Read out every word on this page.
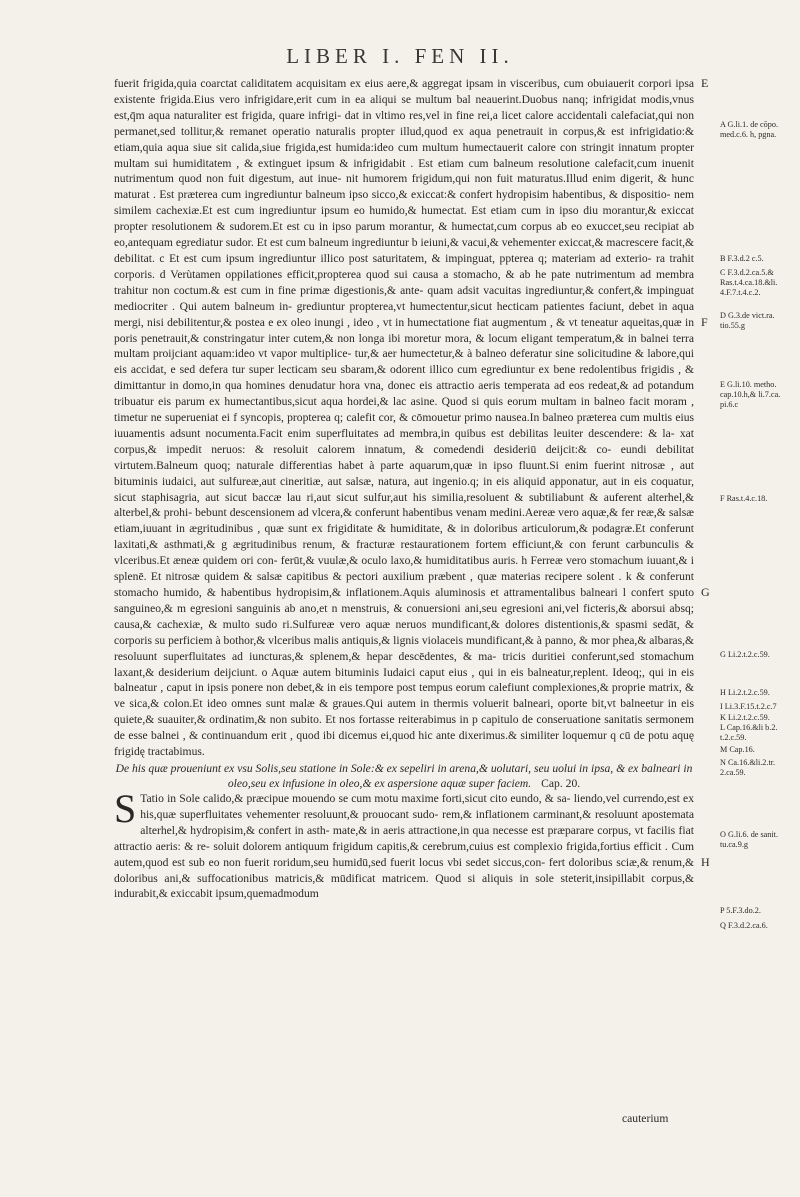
LIBER I. FEN II.

fuerit frigida,quia coarctat caliditatem acquisitam ex eius aere,& aggregat ipsam in visceribus, cum obuiauerit corpori ipsa existente frigida.Eius vero infrigidare,erit cum in ea aliqui se multum bal neauerint.Duobus nanq; infrigidat modis,vnus est,q̄m aqua naturaliter est frigida, quare infrigi- dat in vltimo res,vel in fine rei,a licet calore accidentali calefaciat,qui non permanet,sed tollitur,& remanet operatio naturalis propter illud,quod ex aqua penetrauit in corpus,& est infrigidatio:& etiam,quia aqua siue sit calida,siue frigida,est humida:ideo cum multum humectauerit calore con stringit innatum propter multam sui humiditatem , & extinguet ipsum & infrigidabit . Est etiam cum balneum resolutione calefacit,cum inuenit nutrimentum quod non fuit digestum, aut inue- nit humorem frigidum,qui non fuit maturatus.Illud enim digerit, & hunc maturat . Est præterea cum ingrediuntur balneum ipso sicco,& exiccat:& confert hydropisim habentibus, & dispositio- nem similem cachexiæ.Et est cum ingrediuntur ipsum eo humido,& humectat. Est etiam cum in ipso diu morantur,& exiccat propter resolutionem & sudorem.Et est cu in ipso parum morantur, & humectat,cum corpus ab eo exuccet,seu recipiat ab eo,antequam egrediatur sudor. Et est cum balneum ingrediuntur b ieiuni,& vacui,& vehementer exiccat,& macrescere facit,& debilitat. c Et est cum ipsum ingrediuntur illico post saturitatem, & impinguat, ppterea q; materiam ad exterio- ra trahit corporis. d Verùtamen oppilationes efficit,propterea quod sui causa a stomacho, & ab he pate nutrimentum ad membra trahitur non coctum.& est cum in fine primæ digestionis,& ante- quam adsit vacuitas ingrediuntur,& confert,& impinguat mediocriter . Qui autem balneum in- grediuntur propterea,vt humectentur,sicut hecticam patientes faciunt, debet in aqua mergi, nisi debilitentur,& postea e ex oleo inungi , ideo , vt in humectatione fiat augmentum , & vt teneatur aqueitas,quæ in poris penetrauit,& constringatur inter cutem,& non longa ibi moretur mora, & locum eligant temperatum,& in balnei terra multam proijciant aquam:ideo vt vapor multiplice- tur,& aer humectetur,& à balneo deferatur sine solicitudine & labore,qui eis accidat, e sed defera tur super lecticam seu sbaram,& odorent illico cum egrediuntur ex bene redolentibus frigidis , & dimittantur in domo,in qua homines denudatur hora vna, donec eis attractio aeris temperata ad eos redeat,& ad potandum tribuatur eis parum ex humectantibus,sicut aqua hordei,& lac asine. Quod si quis eorum multam in balneo facit moram , timetur ne superueniat ei f syncopis, propterea q; calefit cor, & cōmouetur primo nausea.In balneo præterea cum multis eius iuuamentis adsunt nocumenta.Facit enim superfluitates ad membra,in quibus est debilitas leuiter descendere: & la- xat corpus,& impedit neruos: & resoluit calorem innatum, & comedendi desideriū deijcit:& co- eundi debilitat virtutem.Balneum quoq; naturale differentias habet à parte aquarum,quæ in ipso fluunt.Si enim fuerint nitrosæ , aut bituminis iudaici, aut sulfureæ,aut cineritiæ, aut salsæ, natura, aut ingenio.q; in eis aliquid apponatur, aut in eis coquatur, sicut staphisagria, aut sicut baccæ lau ri,aut sicut sulfur,aut his similia,resoluent & subtiliabunt & auferent alterhel,& alterbel,& prohi- bebunt descensionem ad vlcera,& conferunt habentibus venam medini.Aereæ vero aquæ,& fer reæ,& salsæ etiam,iuuant in ægritudinibus , quæ sunt ex frigiditate & humiditate, & in doloribus articulorum,& podagræ.Et conferunt laxitati,& asthmati,& g ægritudinibus renum, & fracturæ restaurationem fortem efficiunt,& con ferunt carbunculis & vlceribus.Et æneæ quidem ori con- ferūt,& vuulæ,& oculo laxo,& humiditatibus auris. h Ferreæ vero stomachum iuuant,& i splenē. Et nitrosæ quidem & salsæ capitibus & pectori auxilium præbent , quæ materias recipere solent . k & conferunt stomacho humido, & habentibus hydropisim,& inflationem.Aquis aluminosis et attramentalibus balneari l confert sputo sanguineo,& m egresioni sanguinis ab ano,et n menstruis, & conuersioni ani,seu egresioni ani,vel ficteris,& aborsui absq; causa,& cachexiæ, & multo sudo ri.Sulfureæ vero aquæ neruos mundificant,& dolores distentionis,& spasmi sedāt, & corporis su perficiem à bothor,& vlceribus malis antiquis,& lignis violaceis mundificant,& à panno, & mor phea,& albaras,& resoluunt superfluitates ad iuncturas,& splenem,& hepar descēdentes, & ma- tricis duritiei conferunt,sed stomachum laxant,& desiderium deijciunt. o Aquæ autem bituminis Iudaici caput eius , qui in eis balneatur,replent. Ideoq;, qui in eis balneatur , caput in ipsis ponere non debet,& in eis tempore post tempus eorum calefiunt complexiones,& proprie matrix, & ve sica,& colon.Et ideo omnes sunt malæ & graues.Qui autem in thermis voluerit balneari, oporte bit,vt balneetur in eis quiete,& suauiter,& ordinatim,& non subito. Et nos fortasse reiterabimus in p capitulo de conseruatione sanitatis sermonem de esse balnei , & continuandum erit , quod ibi dicemus ei,quod hic ante dixerimus.& similiter loquemur q cū de potu aquę frigidę tractabimus.

De his quæ proueniunt ex vsu Solis,seu statione in Sole:& ex sepeliri in arena,& uolutari, seu uolui in ipsa, & ex balneari in oleo,seu ex infusione in oleo,& ex aspersione aquæ super faciem. Cap. 20.

S Tatio in Sole calido,& præcipue mouendo se cum motu maxime forti,sicut cito eundo, & sa- liendo,vel currendo,est ex his,quæ superfluitates vehementer resoluunt,& prouocant sudo- rem,& inflationem carminant,& resoluunt apostemata alterhel,& hydropisim,& confert in asth- mate,& in aeris attractione,in qua necesse est præparare corpus, vt facilis fiat attractio aeris: & re- soluit dolorem antiquum frigidum capitis,& cerebrum,cuius est complexio frigida,fortius efficit . Cum autem,quod est sub eo non fuerit roridum,seu humidū,sed fuerit locus vbi sedet siccus,con- fert doloribus sciæ,& renum,& doloribus ani,& suffocationibus matricis,& mūdificat matricem. Quod si aliquis in sole steterit,insipillabit corpus,& indurabit,& exiccabit ipsum,quemadmodum

E
F
G
H
A G.li.1. de cōpo. med.c.6. h, pgna.
B F.3.d.2 c.5.
C F.3.d.2.ca.5.& Ras.t.4.ca.18.&li. 4.F.7.t.4.c.2.
D G.3.de vict.ra. tio.55.g
E G.li.10. metho. cap.10.h,& li.7.ca. pi.6.c
F Ras.t.4.c.18.
G Li.2.t.2.c.59.
H Li.2.t.2.c.59.
I Li.3.F.15.t.2.c.7
K Li.2.t.2.c.59.
L Cap.16.&li b.2. t.2.c.59.
M Cap.16.
N Ca.16.&li.2.tr. 2.ca.59.
O G.li.6. de sanit. tu.ca.9.g
P 5.F.3.do.2.
Q F.3.d.2.ca.6.
cauterium
